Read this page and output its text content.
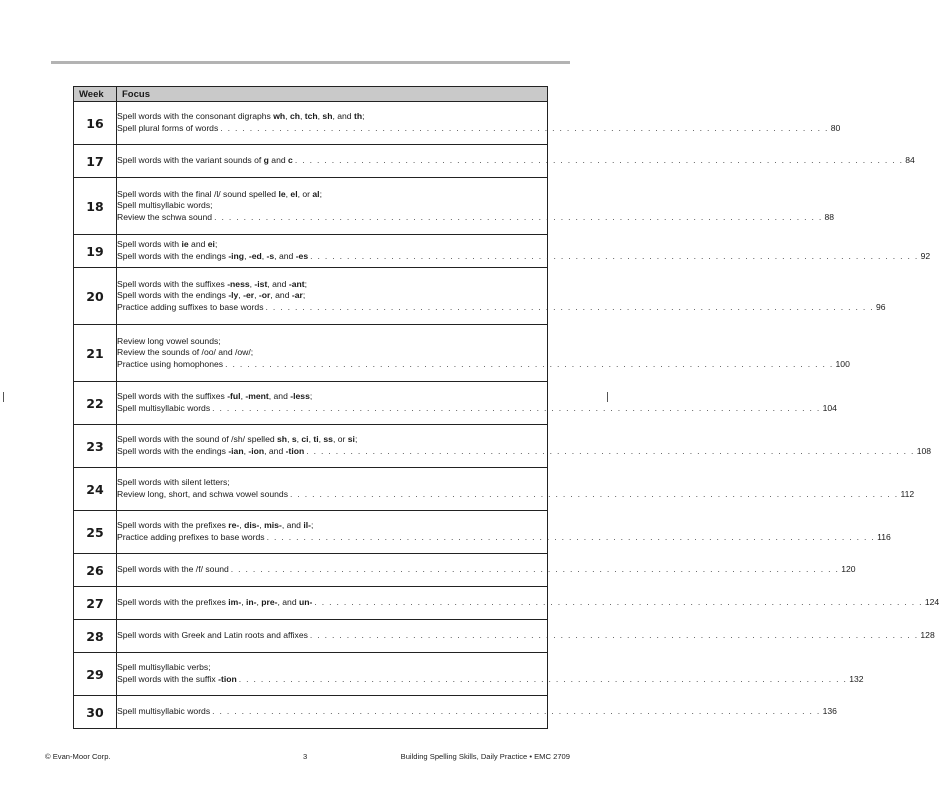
Week	Focus
16	Spell words with the consonant digraphs wh, ch, tch, sh, and th;
Spell plural forms of words . . . . . . . . . . . . . . . . . . . . . . . . . . . . . . . . . . . . . . . . . . . . . . . . . . . . . . . . . . . . . . . . . . . . . . . . . . . . . . . . . . . 80

17	Spell words with the variant sounds of g and c . . . . . . . . . . . . . . . . . . . . . . . . . . . . . . . . . . . . . . . . . . . . . . . . . . . . . . . . . . . . . . . . . . . . . . . . . . . . . . . . . . . 84

18	Spell words with the final /l/ sound spelled le, el, or al;
Spell multisyllabic words;
Review the schwa sound . . . . . . . . . . . . . . . . . . . . . . . . . . . . . . . . . . . . . . . . . . . . . . . . . . . . . . . . . . . . . . . . . . . . . . . . . . . . . . . . . . . 88

19	Spell words with ie and ei;
Spell words with the endings -ing, -ed, -s, and -es . . . . . . . . . . . . . . . . . . . . . . . . . . . . . . . . . . . . . . . . . . . . . . . . . . . . . . . . . . . . . . . . . . . . . . . . . . . . . . . . . . . 92

20	Spell words with the suffixes -ness, -ist, and -ant;
Spell words with the endings -ly, -er, -or, and -ar;
Practice adding suffixes to base words . . . . . . . . . . . . . . . . . . . . . . . . . . . . . . . . . . . . . . . . . . . . . . . . . . . . . . . . . . . . . . . . . . . . . . . . . . . . . . . . . . . 96

21	Review long vowel sounds;
Review the sounds of /oo/ and /ow/;
Practice using homophones . . . . . . . . . . . . . . . . . . . . . . . . . . . . . . . . . . . . . . . . . . . . . . . . . . . . . . . . . . . . . . . . . . . . . . . . . . . . . . . . . . . 100

22	Spell words with the suffixes -ful, -ment, and -less;
Spell multisyllabic words . . . . . . . . . . . . . . . . . . . . . . . . . . . . . . . . . . . . . . . . . . . . . . . . . . . . . . . . . . . . . . . . . . . . . . . . . . . . . . . . . . . 104

23	Spell words with the sound of /sh/ spelled sh, s, ci, ti, ss, or si;
Spell words with the endings -ian, -ion, and -tion . . . . . . . . . . . . . . . . . . . . . . . . . . . . . . . . . . . . . . . . . . . . . . . . . . . . . . . . . . . . . . . . . . . . . . . . . . . . . . . . . . . 108

24	Spell words with silent letters;
Review long, short, and schwa vowel sounds . . . . . . . . . . . . . . . . . . . . . . . . . . . . . . . . . . . . . . . . . . . . . . . . . . . . . . . . . . . . . . . . . . . . . . . . . . . . . . . . . . . 112

25	Spell words with the prefixes re-, dis-, mis-, and il-;
Practice adding prefixes to base words . . . . . . . . . . . . . . . . . . . . . . . . . . . . . . . . . . . . . . . . . . . . . . . . . . . . . . . . . . . . . . . . . . . . . . . . . . . . . . . . . . . 116

26	Spell words with the /f/ sound . . . . . . . . . . . . . . . . . . . . . . . . . . . . . . . . . . . . . . . . . . . . . . . . . . . . . . . . . . . . . . . . . . . . . . . . . . . . . . . . . . . 120

27	Spell words with the prefixes im-, in-, pre-, and un- . . . . . . . . . . . . . . . . . . . . . . . . . . . . . . . . . . . . . . . . . . . . . . . . . . . . . . . . . . . . . . . . . . . . . . . . . . . . . . . . . . . 124

28	Spell words with Greek and Latin roots and affixes . . . . . . . . . . . . . . . . . . . . . . . . . . . . . . . . . . . . . . . . . . . . . . . . . . . . . . . . . . . . . . . . . . . . . . . . . . . . . . . . . . . 128

29	Spell multisyllabic verbs;
Spell words with the suffix -tion . . . . . . . . . . . . . . . . . . . . . . . . . . . . . . . . . . . . . . . . . . . . . . . . . . . . . . . . . . . . . . . . . . . . . . . . . . . . . . . . . . . 132

30	Spell multisyllabic words . . . . . . . . . . . . . . . . . . . . . . . . . . . . . . . . . . . . . . . . . . . . . . . . . . . . . . . . . . . . . . . . . . . . . . . . . . . . . . . . . . . 136
© Evan-Moor Corp.	3	Building Spelling Skills, Daily Practice • EMC 2709
